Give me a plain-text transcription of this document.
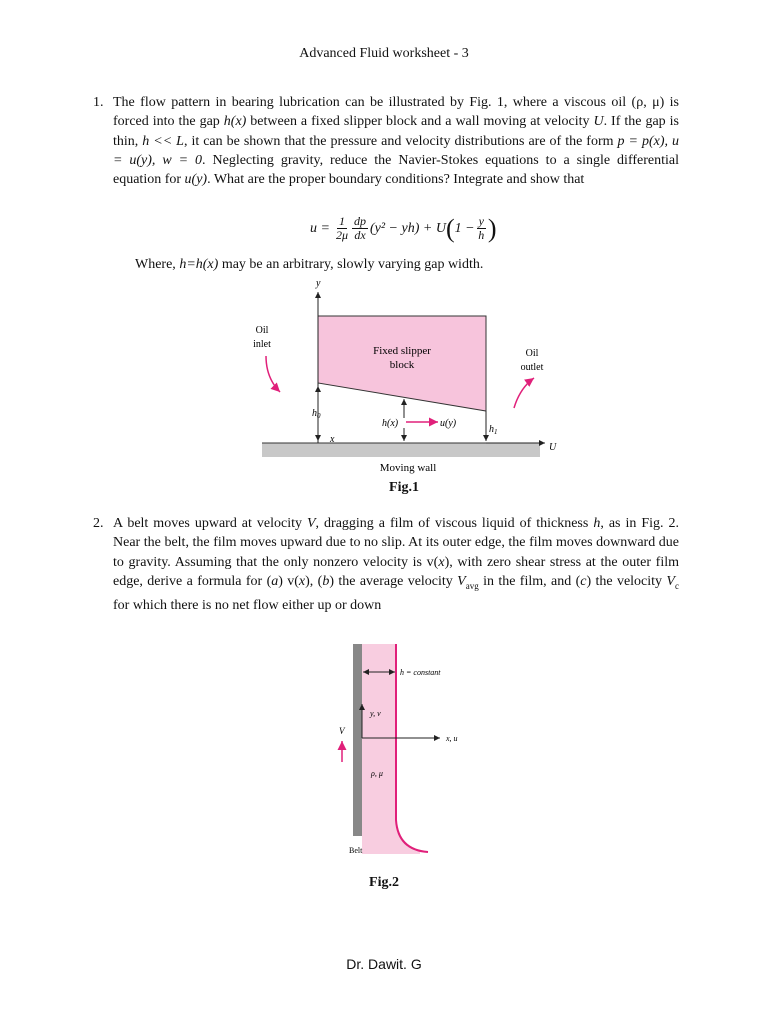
Advanced Fluid worksheet - 3
1. The flow pattern in bearing lubrication can be illustrated by Fig. 1, where a viscous oil (ρ, μ) is forced into the gap h(x) between a fixed slipper block and a wall moving at velocity U. If the gap is thin, h << L, it can be shown that the pressure and velocity distributions are of the form p = p(x), u = u(y), w = 0. Neglecting gravity, reduce the Navier-Stokes equations to a single differential equation for u(y). What are the proper boundary conditions? Integrate and show that
$u = \frac{1}{2\mu} \frac{dp}{dx} (y^2 - yh) + U$ ( $1 - \frac{y}{h}$ )
Where, h=h(x) may be an arbitrary, slowly varying gap width.
y
U
x
Fixed slipper
block
Oil
inlet
Oil
outlet
$h_0$
h(x)	u(y)
$h_1$
Moving wall
Fig.1
2. A belt moves upward at velocity V, dragging a film of viscous liquid of thickness h, as in Fig. 2. Near the belt, the film moves upward due to no slip. At its outer edge, the film moves downward due to gravity. Assuming that the only nonzero velocity is v(x), with zero shear stress at the outer film edge, derive a formula for (a) v(x), (b) the average velocity $V_{avg}$ in the film, and (c) the velocity $V_c$ for which there is no net flow either up or down
h = constant
y, v
x, u
V
ρ, μ
Belt
Fig.2
Dr. Dawit. G
